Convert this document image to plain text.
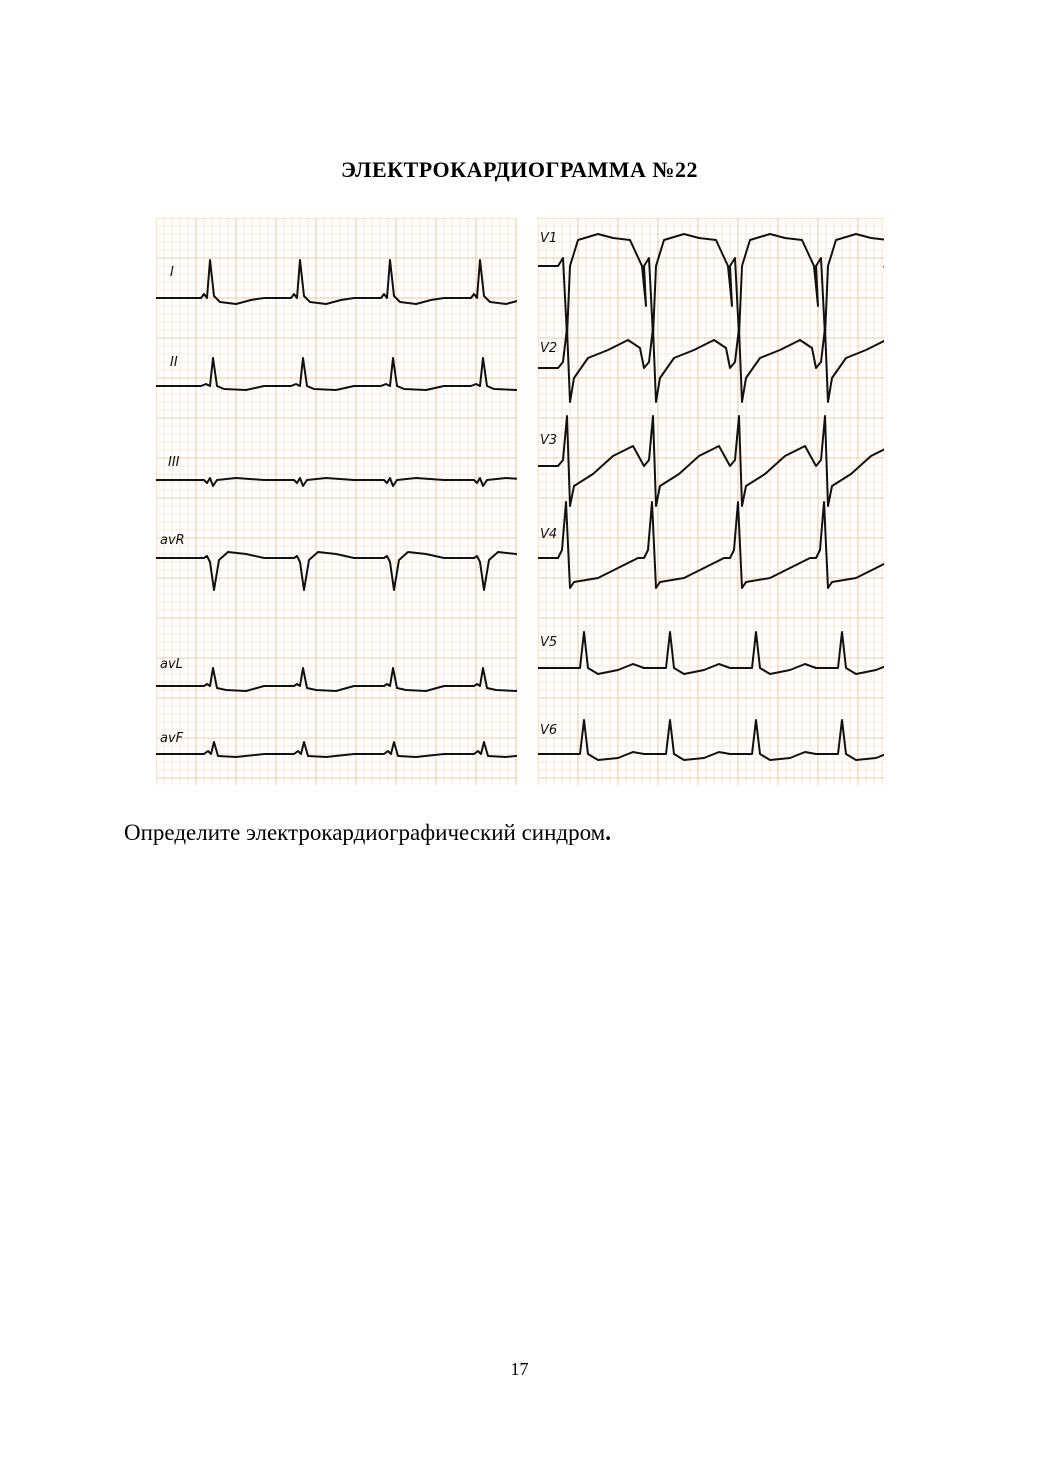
ЭЛЕКТРОКАРДИОГРАММА №22
I
II
III
avR
avL
avF
V1
V2
V3
V4
V5
V6
Определите электрокардиографический синдром.
17
